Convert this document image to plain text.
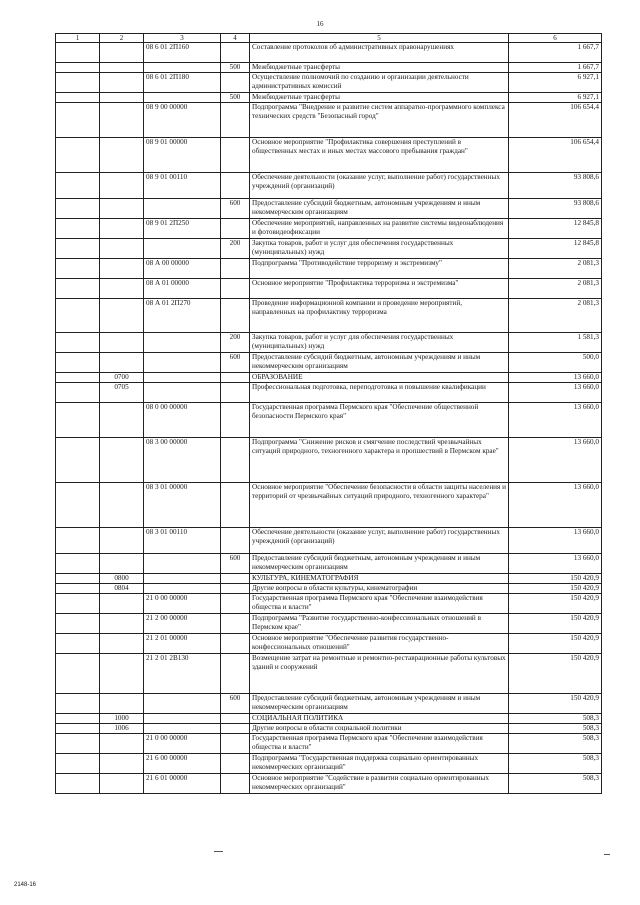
16
1	2	3	4	5	6
		08 6 01 2П160		Составление протоколов об административных правонарушениях	1 667,7
			500	Межбюджетные трансферты	1 667,7
		08 6 01 2П180		Осуществление полномочий по созданию и организации деятельности административных комиссий	6 927,1
			500	Межбюджетные трансферты	6 927,1
		08 9 00 00000		Подпрограмма "Внедрение и развитие систем аппаратно-программного комплекса технических средств "Безопасный город"	106 654,4
		08 9 01 00000		Основное мероприятие "Профилактика совершения преступлений в общественных местах и иных местах массового пребывания граждан"	106 654,4
		08 9 01 00110		Обеспечение деятельности (оказание услуг, выполнение работ) государственных учреждений (организаций)	93 808,6
			600	Предоставление субсидий бюджетным, автономным учреждениям и иным некоммерческим организациям	93 808,6
		08 9 01 2П250		Обеспечение мероприятий, направленных на развитие системы видеонаблюдения и фотовидеофиксации	12 845,8
			200	Закупка товаров, работ и услуг для обеспечения государственных (муниципальных) нужд	12 845,8
		08 А 00 00000		Подпрограмма "Противодействие терроризму и экстремизму"	2 081,3
		08 А 01 00000		Основное мероприятие "Профилактика терроризма и экстремизма"	2 081,3
		08 А 01 2П270		Проведение информационной компании и проведение мероприятий, направленных на профилактику терроризма	2 081,3
			200	Закупка товаров, работ и услуг для обеспечения государственных (муниципальных) нужд	1 581,3
			600	Предоставление субсидий бюджетным, автономным учреждениям и иным некоммерческим организациям	500,0
	0700			ОБРАЗОВАНИЕ	13 660,0
	0705			Профессиональная подготовка, переподготовка и повышение квалификации	13 660,0
		08 0 00 00000		Государственная программа Пермского края "Обеспечение общественной безопасности Пермского края"	13 660,0
		08 3 00 00000		Подпрограмма "Снижение рисков и смягчение последствий чрезвычайных ситуаций природного, техногенного характера и пропшествий в Пермском крае"	13 660,0
		08 3 01 00000		Основное мероприятие "Обеспечение безопасности в области защиты населения и территорий от чрезвычайных ситуаций природного, техногенного характера"	13 660,0
		08 3 01 00110		Обеспечение деятельности (оказание услуг, выполнение работ) государственных учреждений (организаций)	13 660,0
			600	Предоставление субсидий бюджетным, автономным учреждениям и иным некоммерческим организациям	13 660,0
	0800			КУЛЬТУРА, КИНЕМАТОГРАФИЯ	150 420,9
	0804			Другие вопросы в области культуры, кинематографии	150 420,9
		21 0 00 00000		Государственная программа Пермского края "Обеспечение взаимодействия общества и власти"	150 420,9
		21 2 00 00000		Подпрограмма "Развитие государственно-конфессиональных отношений в Пермском крае"	150 420,9
		21 2 01 00000		Основное мероприятие "Обеспечение развития государственно-конфессиональных отношений"	150 420,9
		21 2 01 2В130		Возмещение затрат на ремонтные и ремонтно-реставрационные работы культовых зданий и сооружений	150 420,9
			600	Предоставление субсидий бюджетным, автономным учреждениям и иным некоммерческим организациям	150 420,9
	1000			СОЦИАЛЬНАЯ ПОЛИТИКА	508,3
	1006			Другие вопросы в области социальной политики	508,3
		21 0 00 00000		Государственная программа Пермского края "Обеспечение взаимодействия общества и власти"	508,3
		21 6 00 00000		Подпрограмма "Государственная поддержка социально ориентированных некоммерческих организаций"	508,3
		21 6 01 00000		Основное мероприятие "Содействие в развитии социально ориентированных некоммерческих организаций"	508,3
2148-16
